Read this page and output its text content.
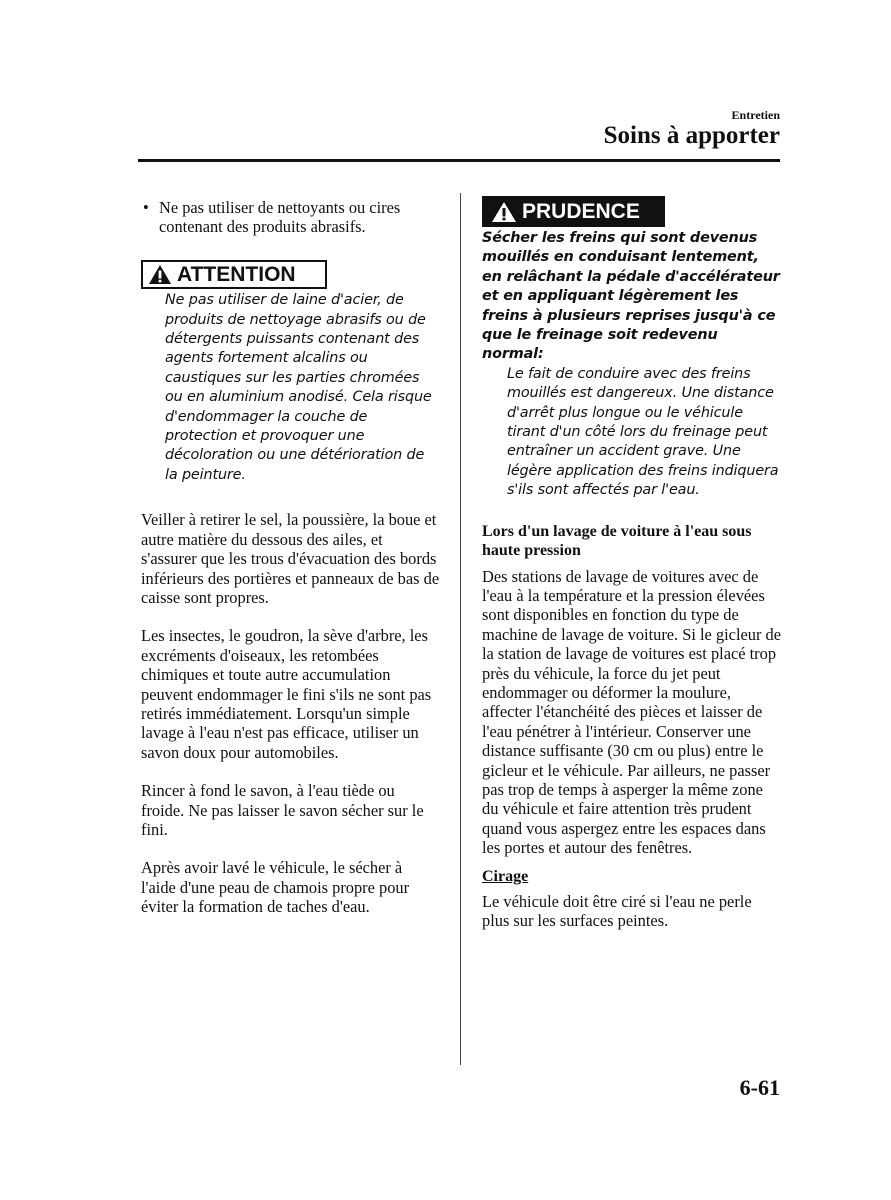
Entretien
Soins à apporter
• Ne pas utiliser de nettoyants ou cires contenant des produits abrasifs.
ATTENTION
Ne pas utiliser de laine d'acier, de produits de nettoyage abrasifs ou de détergents puissants contenant des agents fortement alcalins ou caustiques sur les parties chromées ou en aluminium anodisé. Cela risque d'endommager la couche de protection et provoquer une décoloration ou une détérioration de la peinture.
Veiller à retirer le sel, la poussière, la boue et autre matière du dessous des ailes, et s'assurer que les trous d'évacuation des bords inférieurs des portières et panneaux de bas de caisse sont propres.
Les insectes, le goudron, la sève d'arbre, les excréments d'oiseaux, les retombées chimiques et toute autre accumulation peuvent endommager le fini s'ils ne sont pas retirés immédiatement. Lorsqu'un simple lavage à l'eau n'est pas efficace, utiliser un savon doux pour automobiles.
Rincer à fond le savon, à l'eau tiède ou froide. Ne pas laisser le savon sécher sur le fini.
Après avoir lavé le véhicule, le sécher à l'aide d'une peau de chamois propre pour éviter la formation de taches d'eau.
PRUDENCE
Sécher les freins qui sont devenus mouillés en conduisant lentement, en relâchant la pédale d'accélérateur et en appliquant légèrement les freins à plusieurs reprises jusqu'à ce que le freinage soit redevenu normal:
Le fait de conduire avec des freins mouillés est dangereux. Une distance d'arrêt plus longue ou le véhicule tirant d'un côté lors du freinage peut entraîner un accident grave. Une légère application des freins indiquera s'ils sont affectés par l'eau.
Lors d'un lavage de voiture à l'eau sous haute pression
Des stations de lavage de voitures avec de l'eau à la température et la pression élevées sont disponibles en fonction du type de machine de lavage de voiture. Si le gicleur de la station de lavage de voitures est placé trop près du véhicule, la force du jet peut endommager ou déformer la moulure, affecter l'étanchéité des pièces et laisser de l'eau pénétrer à l'intérieur. Conserver une distance suffisante (30 cm ou plus) entre le gicleur et le véhicule. Par ailleurs, ne passer pas trop de temps à asperger la même zone du véhicule et faire attention très prudent quand vous aspergez entre les espaces dans les portes et autour des fenêtres.
Cirage
Le véhicule doit être ciré si l'eau ne perle plus sur les surfaces peintes.
6-61
